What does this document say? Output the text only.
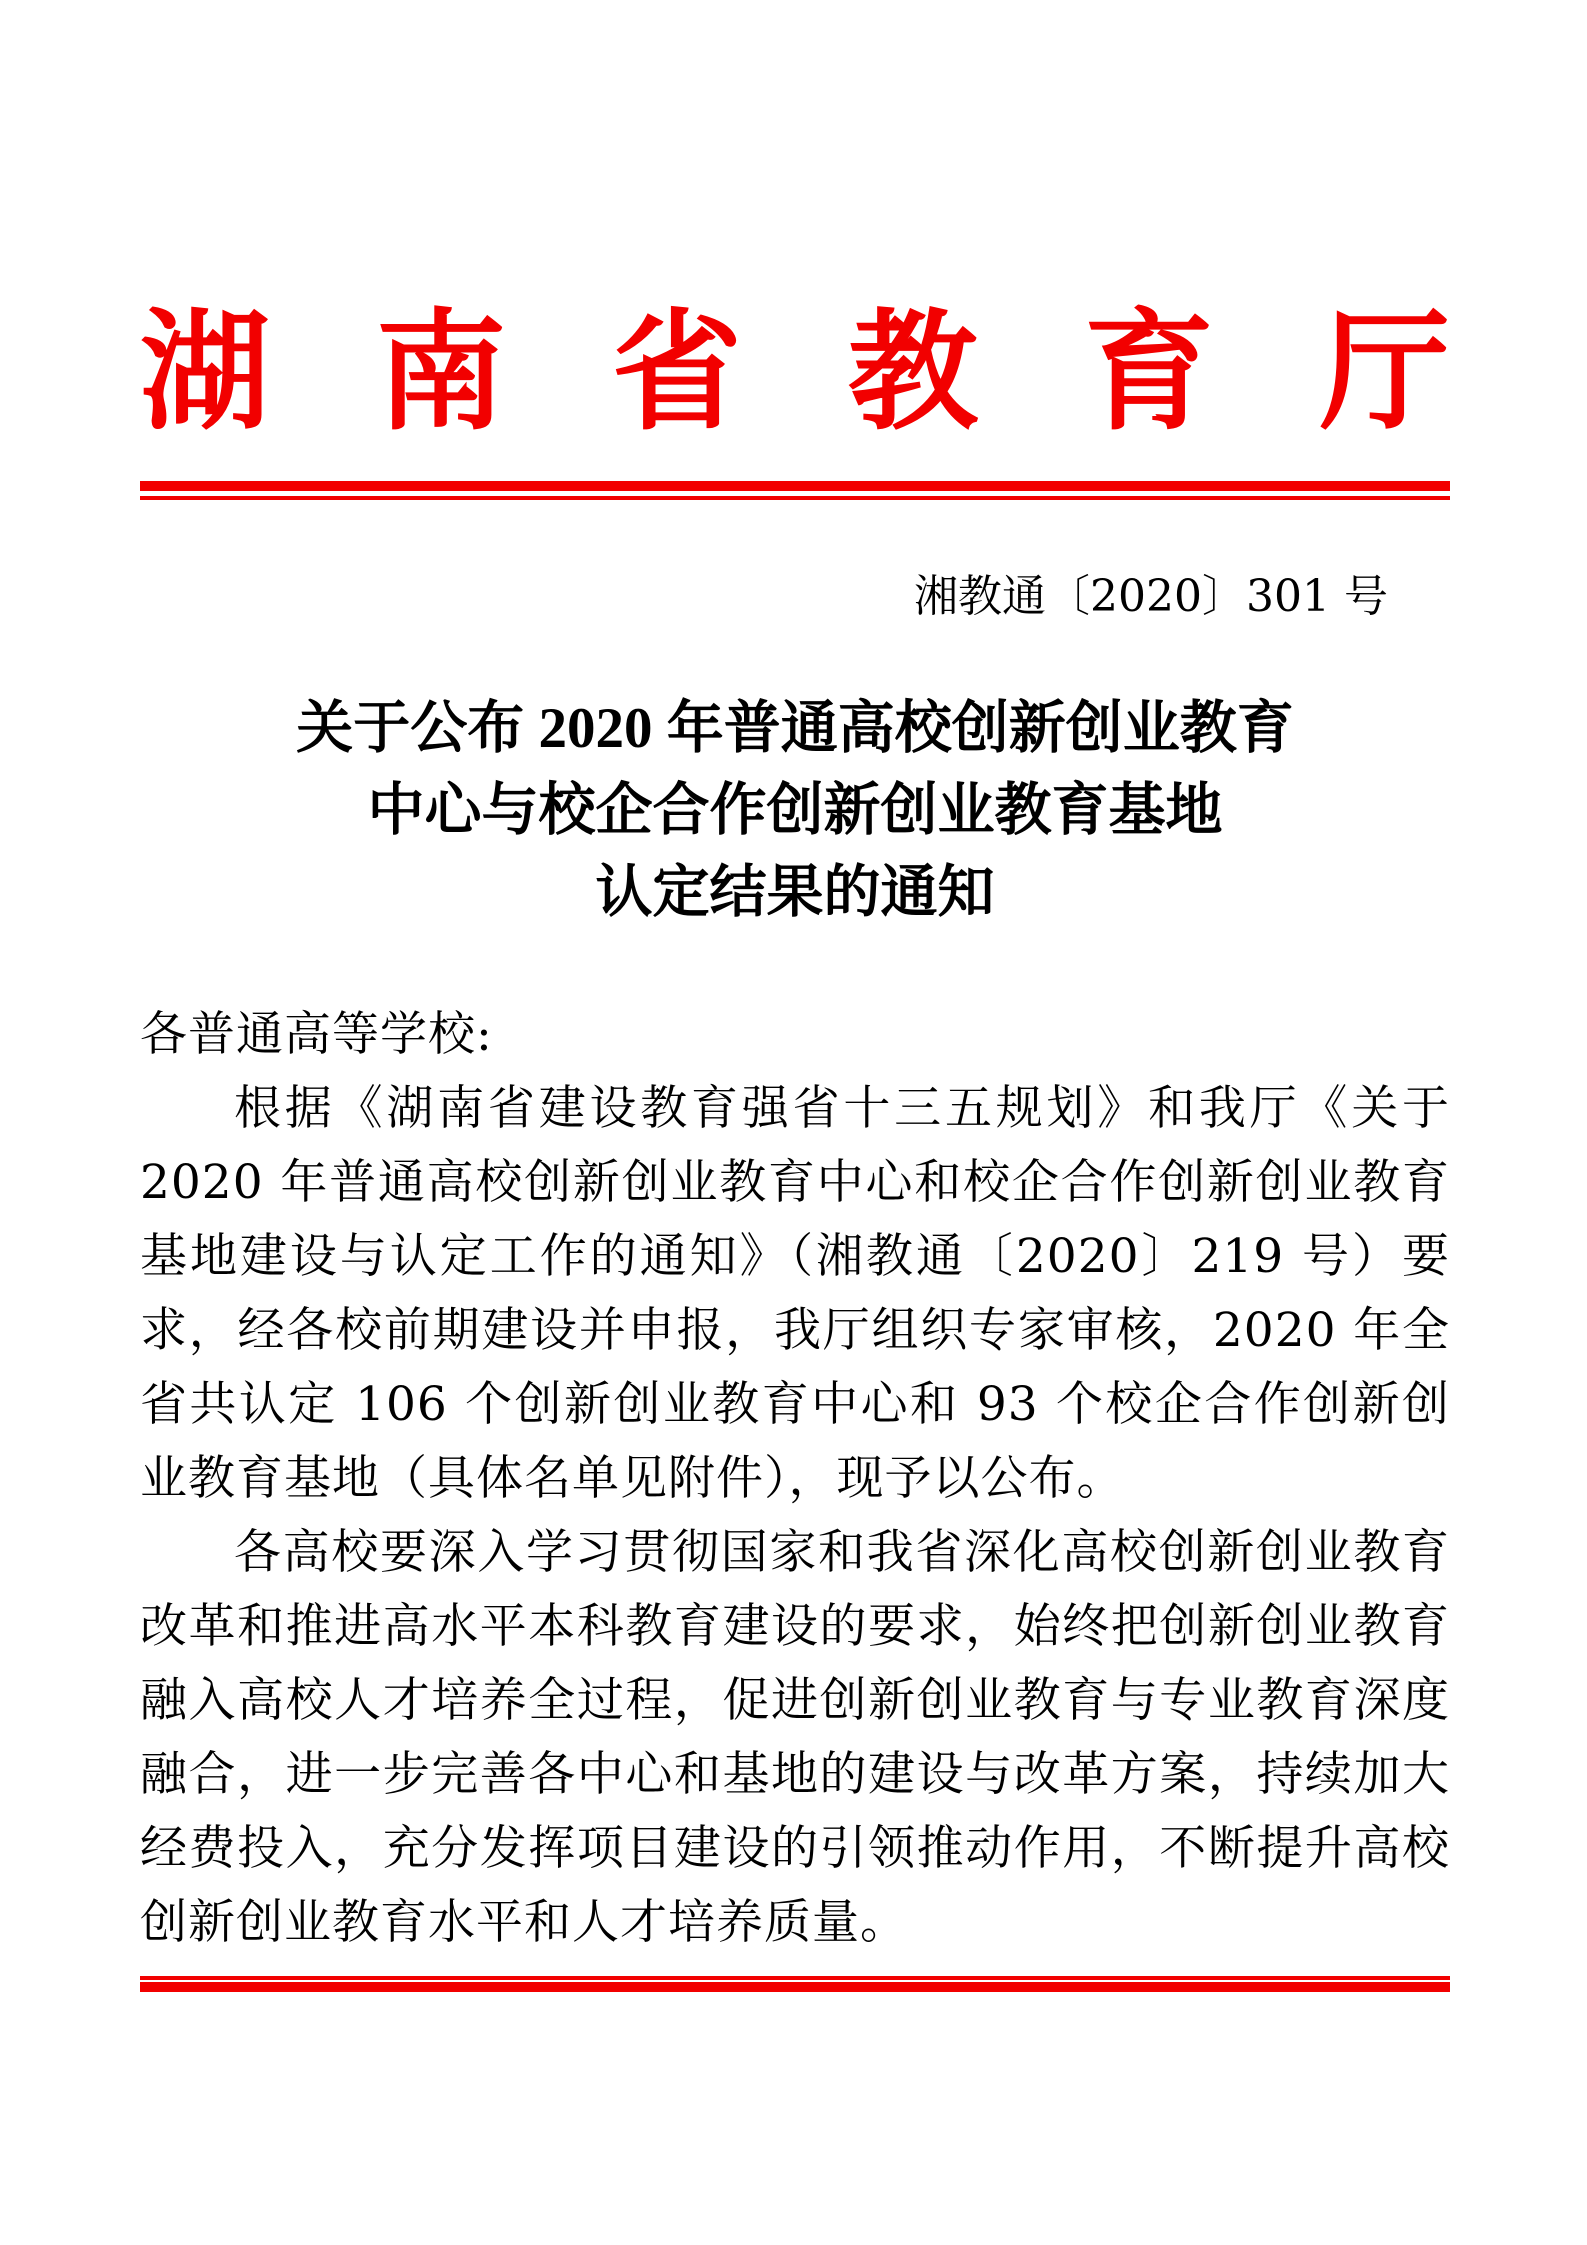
湖 南 省 教 育 厅
湘教通〔2020〕301 号
关于公布 2020 年普通高校创新创业教育
中心与校企合作创新创业教育基地
认定结果的通知
各普通高等学校:
根据《湖南省建设教育强省十三五规划》和我厅《关于 2020 年普通高校创新创业教育中心和校企合作创新创业教育基地建设与认定工作的通知》（湘教通〔2020〕219 号）要求，经各校前期建设并申报，我厅组织专家审核，2020 年全省共认定 106 个创新创业教育中心和 93 个校企合作创新创业教育基地（具体名单见附件），现予以公布。
各高校要深入学习贯彻国家和我省深化高校创新创业教育改革和推进高水平本科教育建设的要求，始终把创新创业教育融入高校人才培养全过程，促进创新创业教育与专业教育深度融合，进一步完善各中心和基地的建设与改革方案，持续加大经费投入，充分发挥项目建设的引领推动作用，不断提升高校创新创业教育水平和人才培养质量。
